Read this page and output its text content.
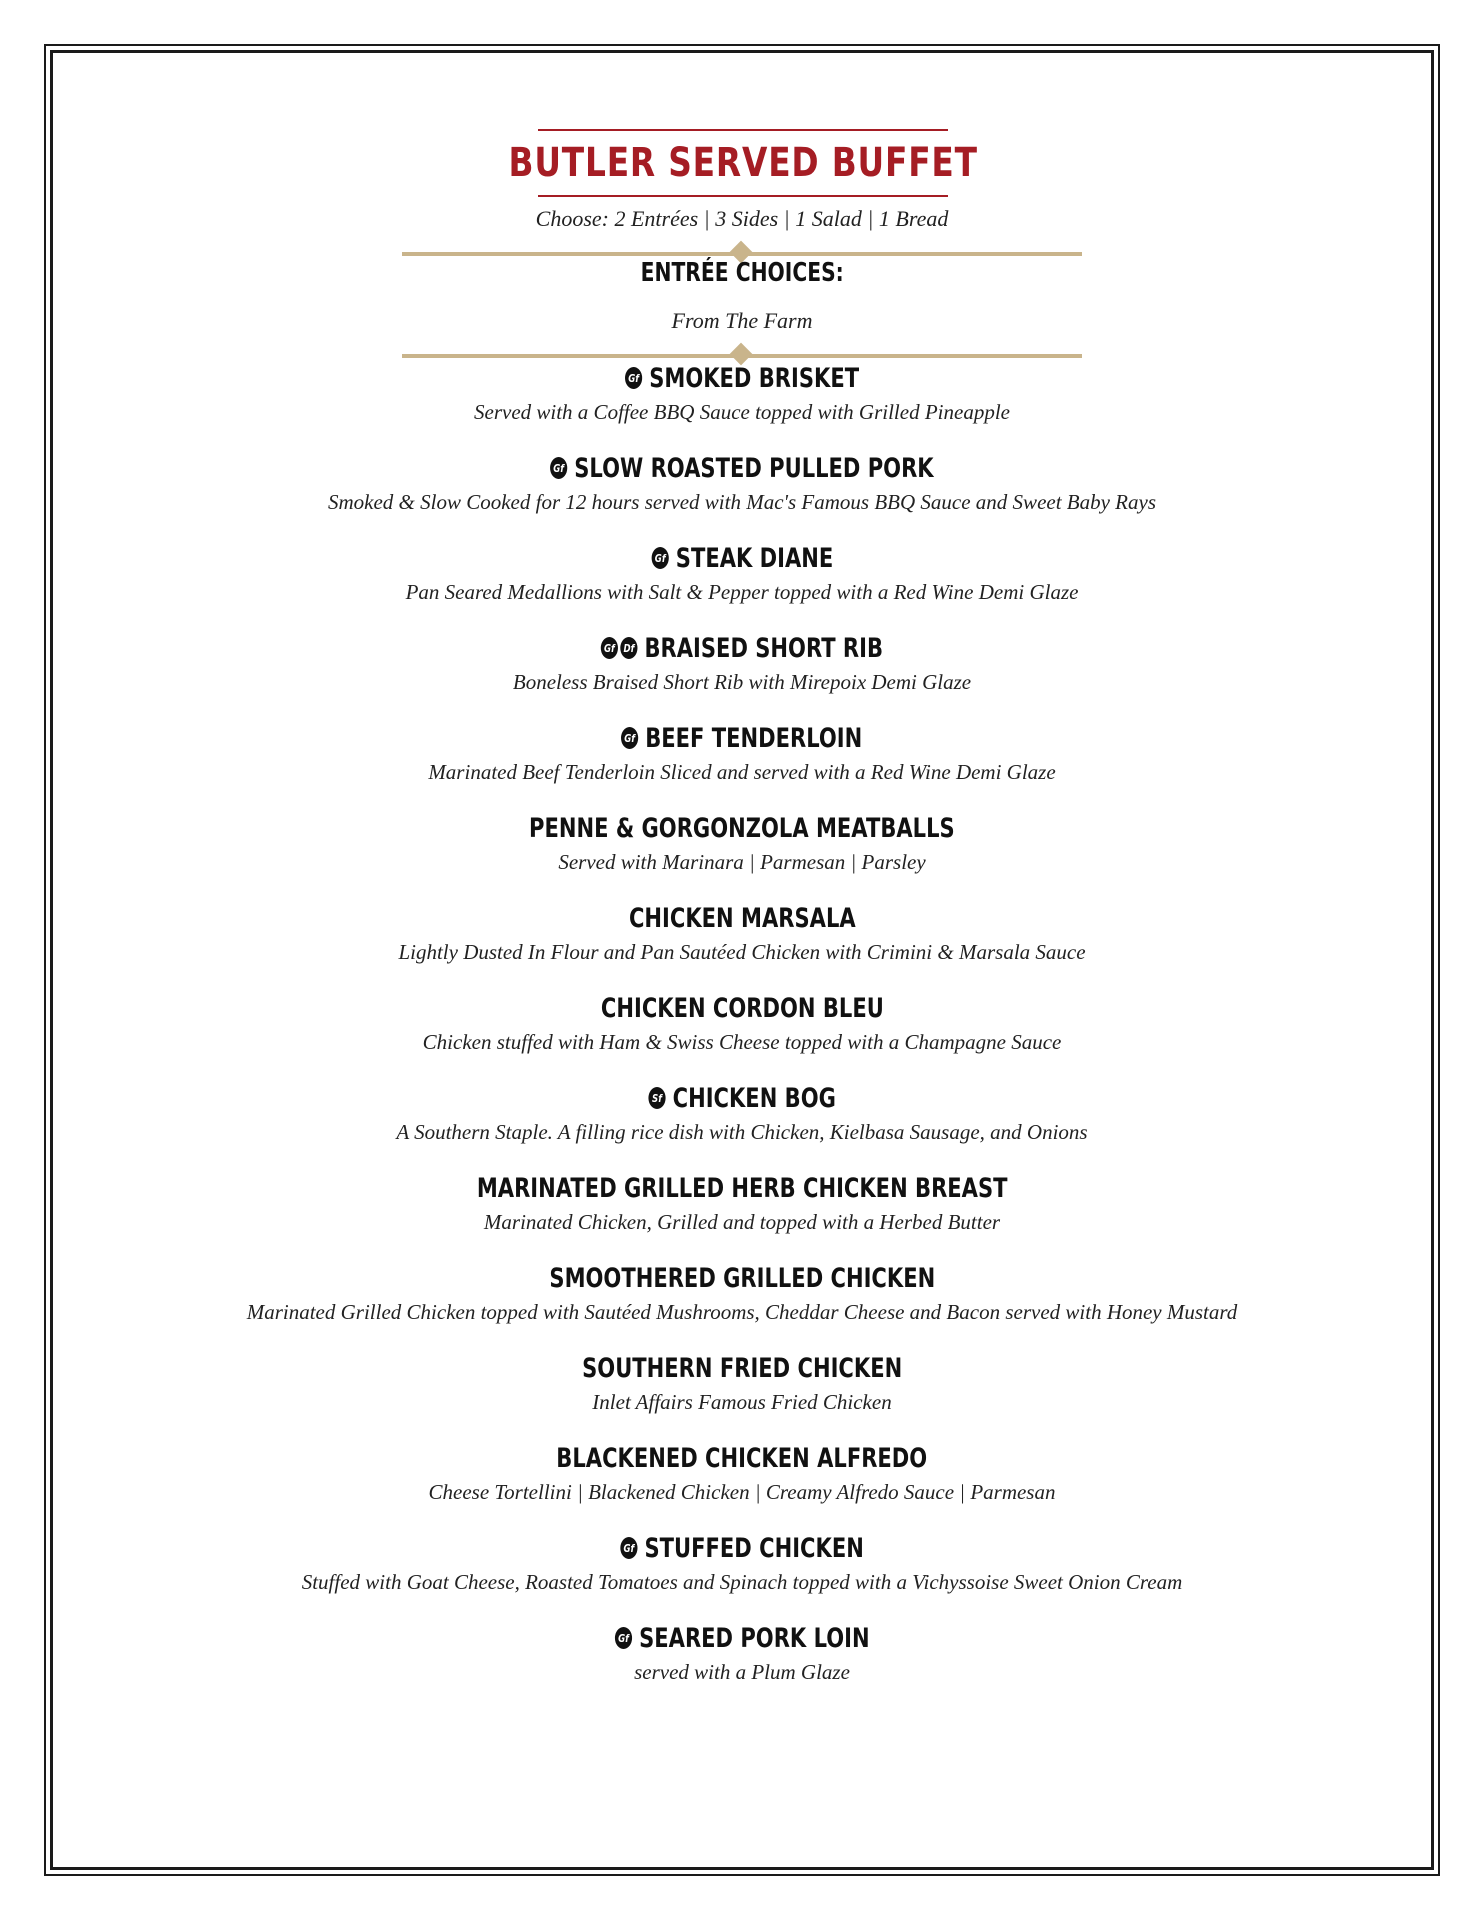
BUTLER SERVED BUFFET
Choose: 2 Entrées | 3 Sides | 1 Salad | 1 Bread
ENTRÉE CHOICES:
From The Farm
Gf SMOKED BRISKET
Served with a Coffee BBQ Sauce topped with Grilled Pineapple
Gf SLOW ROASTED PULLED PORK
Smoked & Slow Cooked for 12 hours served with Mac's Famous BBQ Sauce and Sweet Baby Rays
Gf STEAK DIANE
Pan Seared Medallions with Salt & Pepper topped with a Red Wine Demi Glaze
Gf Df BRAISED SHORT RIB
Boneless Braised Short Rib with Mirepoix Demi Glaze
Gf BEEF TENDERLOIN
Marinated Beef Tenderloin Sliced and served with a Red Wine Demi Glaze
PENNE & GORGONZOLA MEATBALLS
Served with Marinara | Parmesan | Parsley
CHICKEN MARSALA
Lightly Dusted In Flour and Pan Sautéed Chicken with Crimini & Marsala Sauce
CHICKEN CORDON BLEU
Chicken stuffed with Ham & Swiss Cheese topped with a Champagne Sauce
Sf CHICKEN BOG
A Southern Staple. A filling rice dish with Chicken, Kielbasa Sausage, and Onions
MARINATED GRILLED HERB CHICKEN BREAST
Marinated Chicken, Grilled and topped with a Herbed Butter
SMOOTHERED GRILLED CHICKEN
Marinated Grilled Chicken topped with Sautéed Mushrooms, Cheddar Cheese and Bacon served with Honey Mustard
SOUTHERN FRIED CHICKEN
Inlet Affairs Famous Fried Chicken
BLACKENED CHICKEN ALFREDO
Cheese Tortellini | Blackened Chicken | Creamy Alfredo Sauce | Parmesan
Gf STUFFED CHICKEN
Stuffed with Goat Cheese, Roasted Tomatoes and Spinach topped with a Vichyssoise Sweet Onion Cream
Gf SEARED PORK LOIN
served with a Plum Glaze
